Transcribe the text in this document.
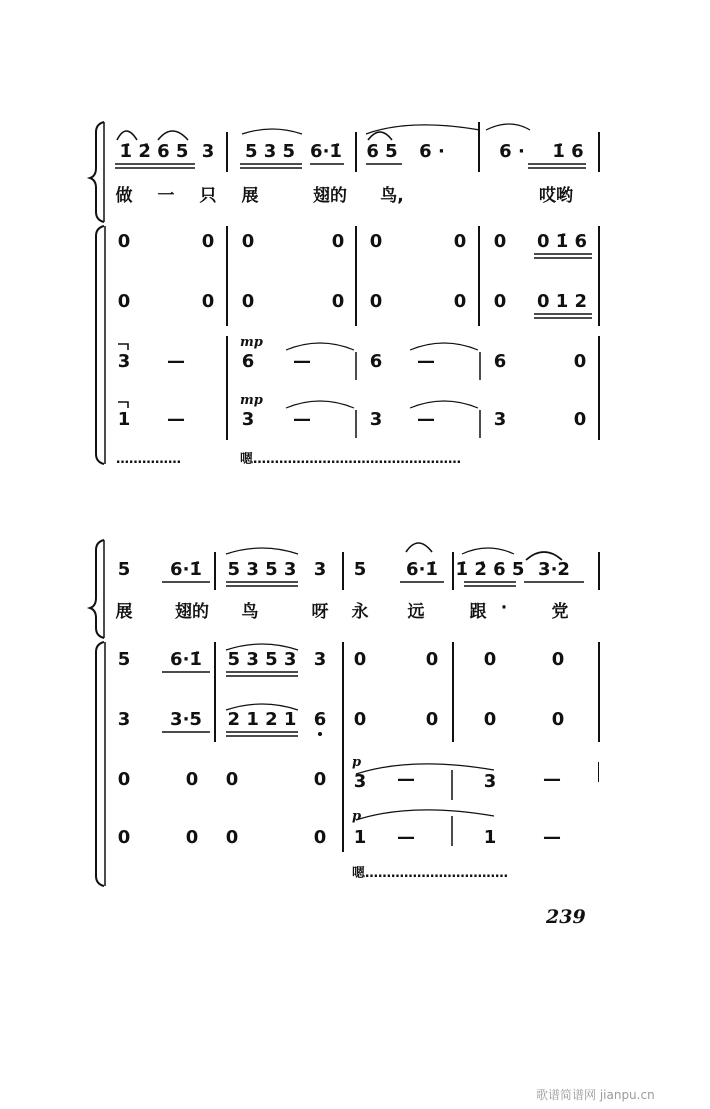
1̇ 2̇ 6 5 3 5 3 5 6·1̇ 6 5 6 ·	6 · 1̇ 6
做 一 只 展	翅的 鸟,	哎哟
0	0 0	0 0	0 0 0 1̇ 6
0	0 0	0 0	0 0 0 1 2
mp
mp
3 —	6 —	6 —	6	0
1 —	3 —	3 —	3	0
……………	嗯…………………………………………
5 6·1̇ 5 3 5 3 3 5 6·1̇ 1̇ 2̇ 6 5 3·2
展	翅的 鸟	呀 永 远	跟 ·	党
5 6·1̇ 5 3 5 3 3 0	0	0	0
3 3·5 2 1 2 1 6 0	0	0	0
p
p
0	0 0	0 3 —	3	—
0	0 0	0 1 —	1	—
嗯……………………………
239
歌谱简谱网 jianpu.cn
